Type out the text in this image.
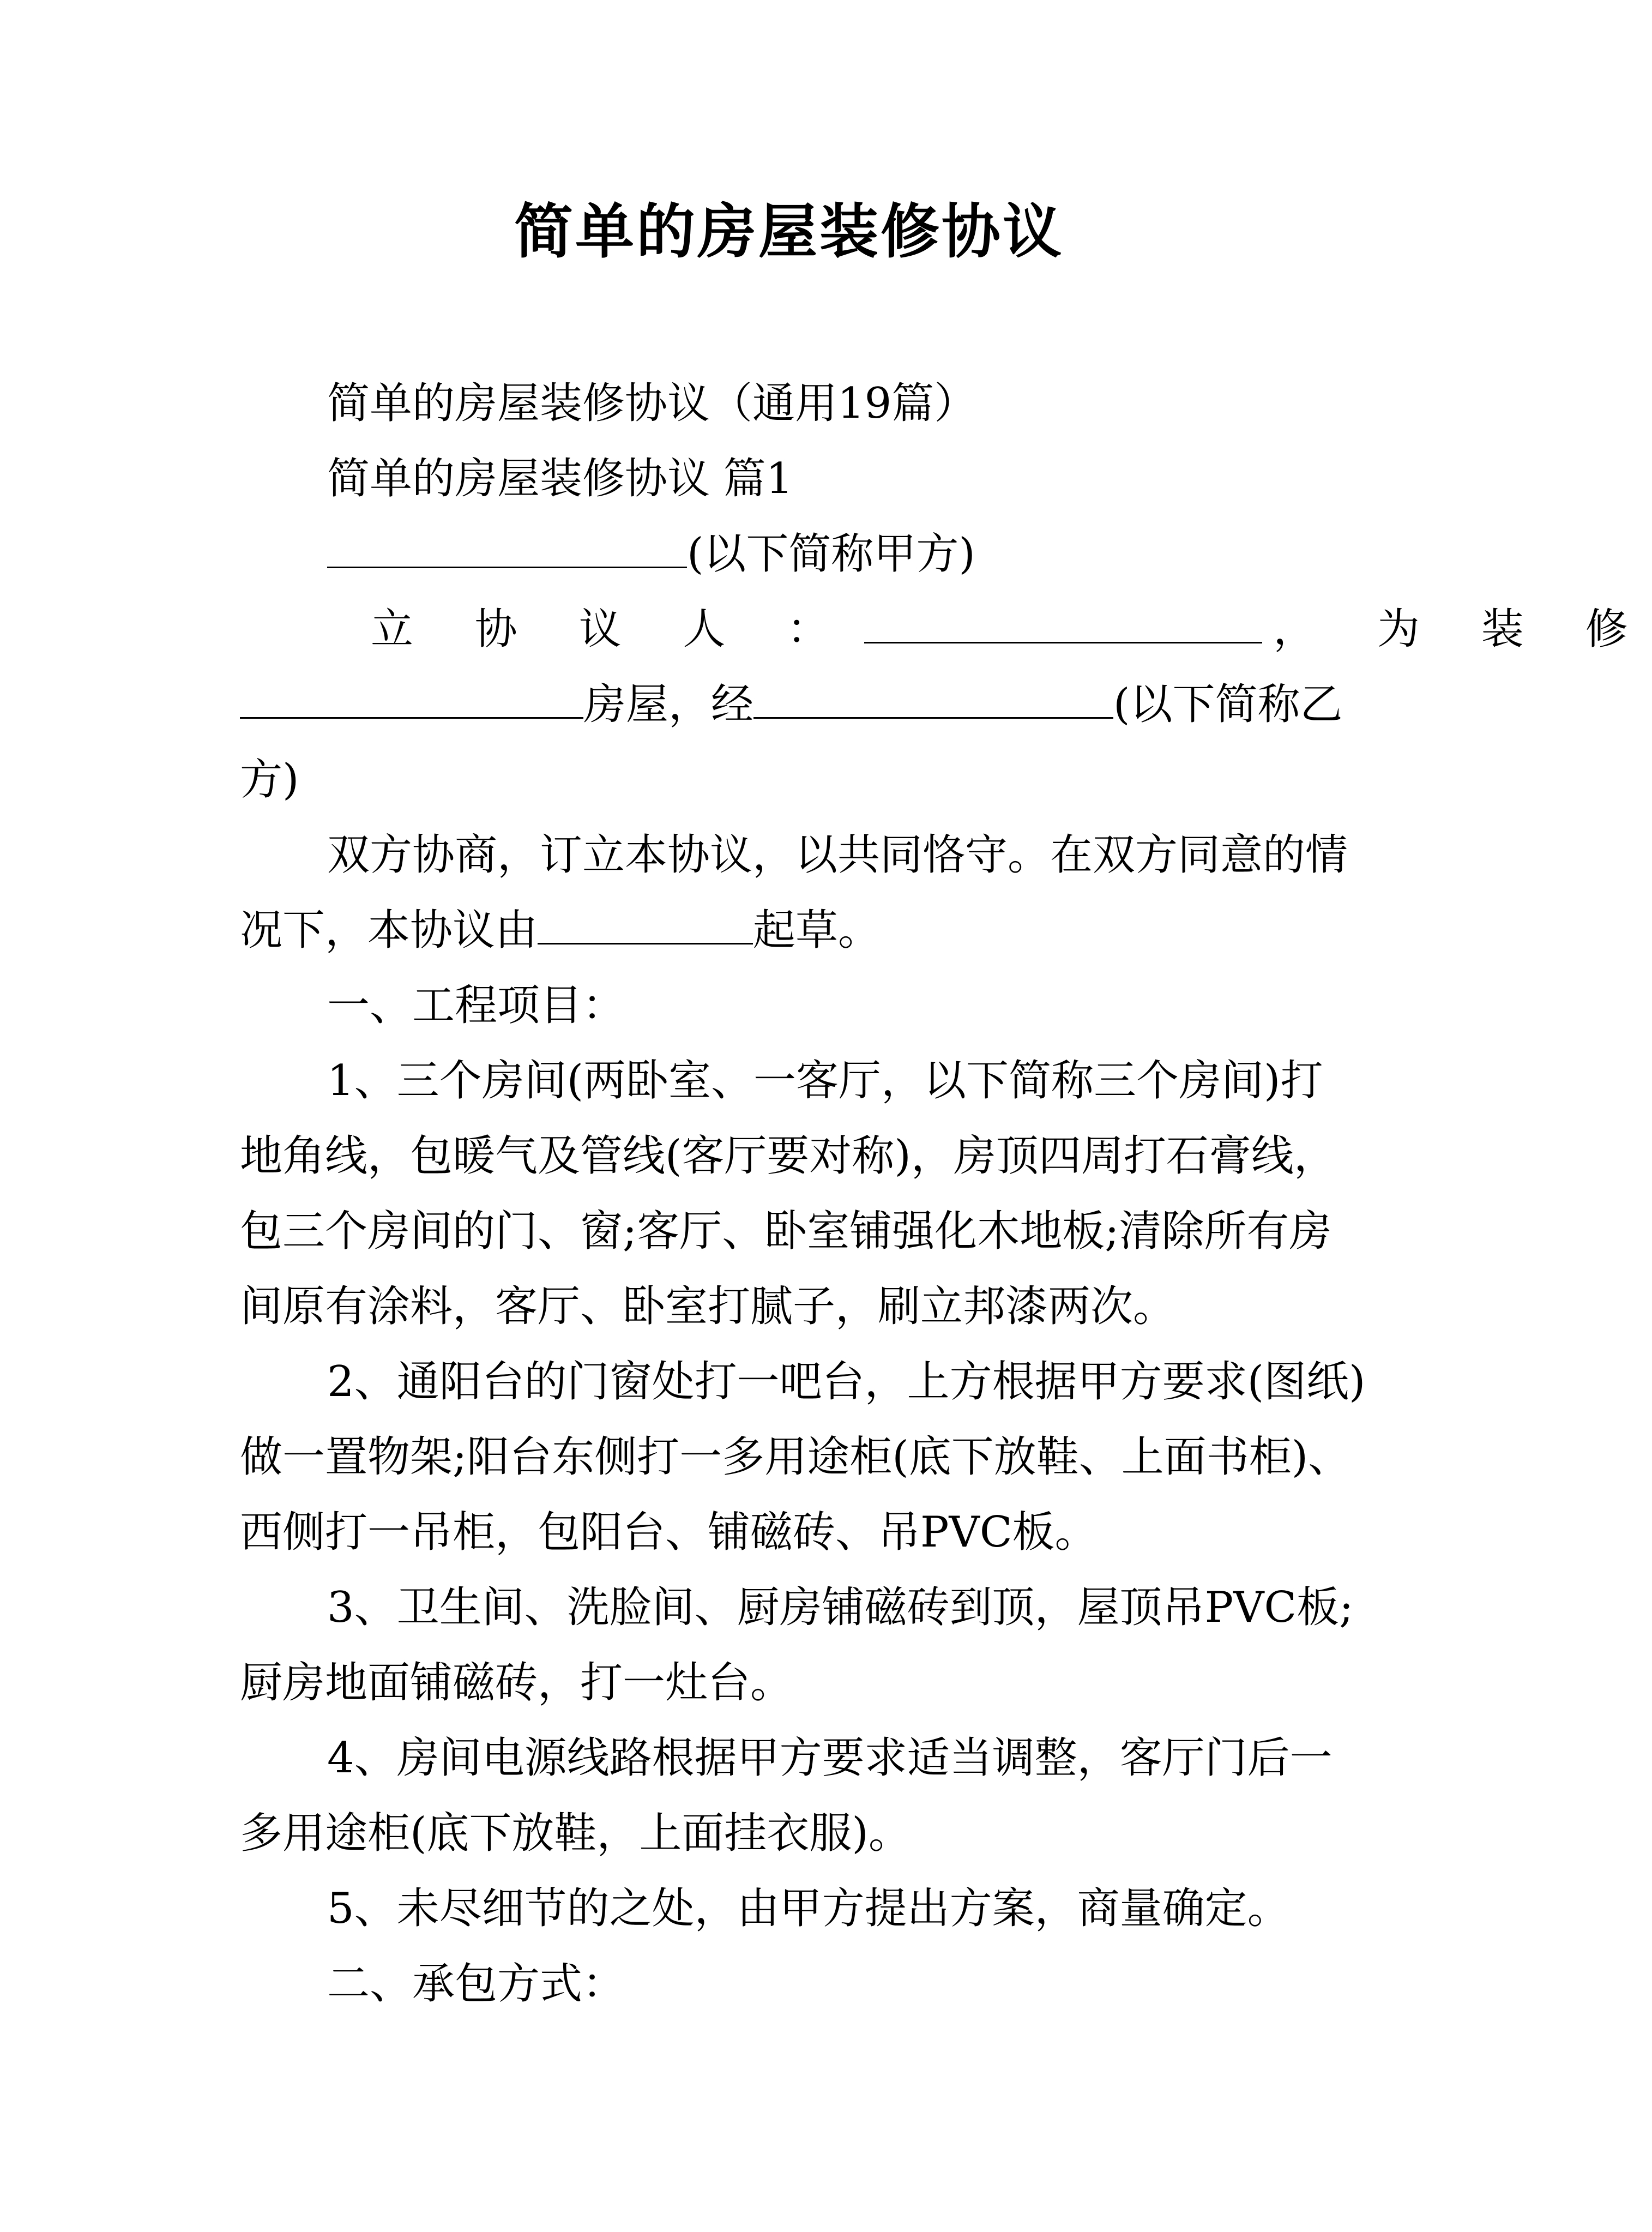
简单的房屋装修协议
简单的房屋装修协议（通用19篇）
简单的房屋装修协议 篇1
(以下简称甲方)
立 协 议 人 ：	， 为 装 修
房屋，经	(以下简称乙
方)
双方协商，订立本协议，以共同恪守。在双方同意的情
况下，本协议由	起草。
一、工程项目：
1、三个房间(两卧室、一客厅，以下简称三个房间)打
地角线，包暖气及管线(客厅要对称)，房顶四周打石膏线，
包三个房间的门、窗;客厅、卧室铺强化木地板;清除所有房
间原有涂料，客厅、卧室打腻子，刷立邦漆两次。
2、通阳台的门窗处打一吧台，上方根据甲方要求(图纸)
做一置物架;阳台东侧打一多用途柜(底下放鞋、上面书柜)、
西侧打一吊柜，包阳台、铺磁砖、吊PVC板。
3、卫生间、洗脸间、厨房铺磁砖到顶，屋顶吊PVC板;
厨房地面铺磁砖，打一灶台。
4、房间电源线路根据甲方要求适当调整，客厅门后一
多用途柜(底下放鞋，上面挂衣服)。
5、未尽细节的之处，由甲方提出方案，商量确定。
二、承包方式：
